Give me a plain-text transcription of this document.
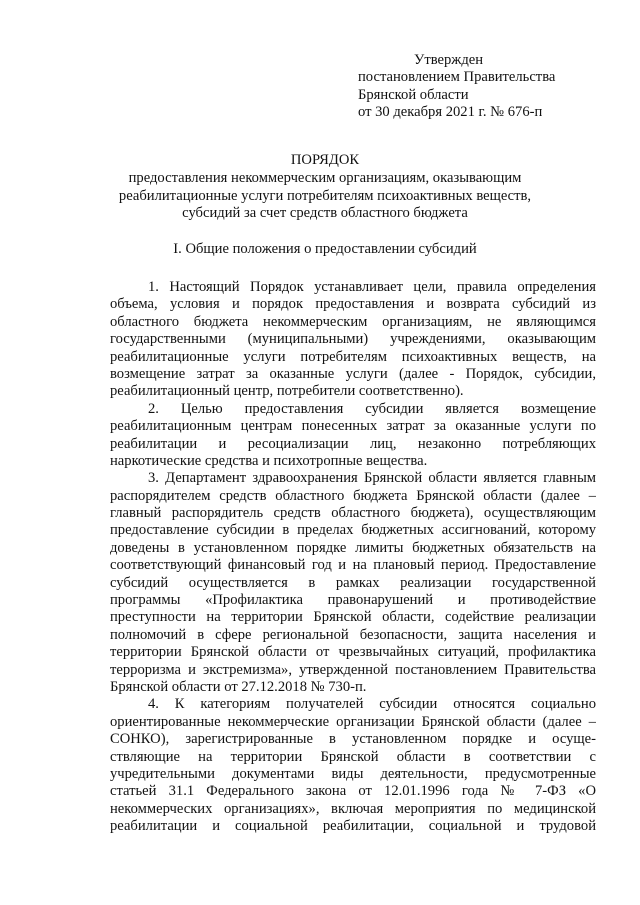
Утвержден
постановлением Правительства
Брянской области
от 30 декабря 2021 г. № 676-п
ПОРЯДОК
предоставления некоммерческим организациям, оказывающим
реабилитационные услуги потребителям психоактивных веществ,
субсидий за счет средств областного бюджета
I. Общие положения о предоставлении субсидий
1. Настоящий Порядок устанавливает цели, правила определения
объема, условия и порядок предоставления и возврата субсидий из
областного бюджета некоммерческим организациям, не являющимся
государственными (муниципальными) учреждениями, оказывающим
реабилитационные услуги потребителям психоактивных веществ, на
возмещение затрат за оказанные услуги (далее - Порядок, субсидии,
реабилитационный центр, потребители соответственно).
2. Целью предоставления субсидии является возмещение
реабилитационным центрам понесенных затрат за оказанные услуги по
реабилитации и ресоциализации лиц, незаконно потребляющих
наркотические средства и психотропные вещества.
3. Департамент здравоохранения Брянской области является главным
распорядителем средств областного бюджета Брянской области (далее –
главный распорядитель средств областного бюджета), осуществляющим
предоставление субсидии в пределах бюджетных ассигнований, которому
доведены в установленном порядке лимиты бюджетных обязательств на
соответствующий финансовый год и на плановый период. Предоставление
субсидий осуществляется в рамках реализации государственной
программы «Профилактика правонарушений и противодействие
преступности на территории Брянской области, содействие реализации
полномочий в сфере региональной безопасности, защита населения и
территории Брянской области от чрезвычайных ситуаций, профилактика
терроризма и экстремизма», утвержденной постановлением Правительства
Брянской области от 27.12.2018 № 730-п.
4. К категориям получателей субсидии относятся социально
ориентированные некоммерческие организации Брянской области (далее –
СОНКО), зарегистрированные в установленном порядке и осуще-
ствляющие на территории Брянской области в соответствии с
учредительными документами виды деятельности, предусмотренные
статьей 31.1 Федерального закона от 12.01.1996 года № 7-ФЗ «О
некоммерческих организациях», включая мероприятия по медицинской
реабилитации и социальной реабилитации, социальной и трудовой
